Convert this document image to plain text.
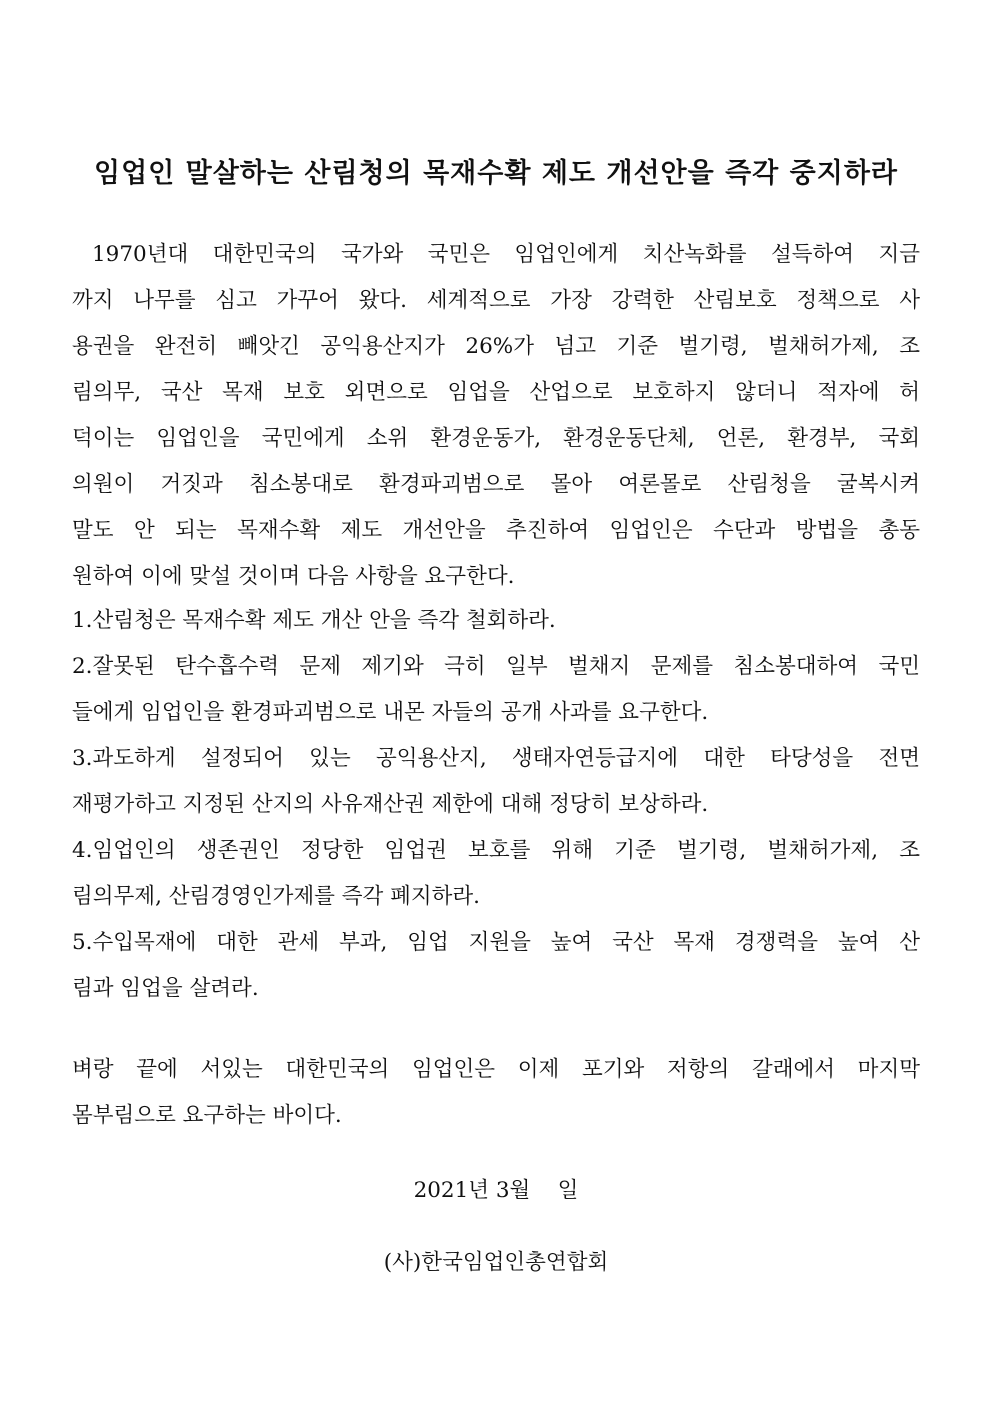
임업인 말살하는 산림청의 목재수확 제도 개선안을 즉각 중지하라
1970년대 대한민국의 국가와 국민은 임업인에게 치산녹화를 설득하여 지금
까지 나무를 심고 가꾸어 왔다. 세계적으로 가장 강력한 산림보호 정책으로 사
용권을 완전히 빼앗긴 공익용산지가 26%가 넘고 기준 벌기령, 벌채허가제, 조
림의무, 국산 목재 보호 외면으로 임업을 산업으로 보호하지 않더니 적자에 허
덕이는 임업인을 국민에게 소위 환경운동가, 환경운동단체, 언론, 환경부, 국회
의원이 거짓과 침소봉대로 환경파괴범으로 몰아 여론몰로 산림청을 굴복시켜
말도 안 되는 목재수확 제도 개선안을 추진하여 임업인은 수단과 방법을 총동
원하여 이에 맞설 것이며 다음 사항을 요구한다.
1.산림청은 목재수확 제도 개산 안을 즉각 철회하라.
2.잘못된 탄수흡수력 문제 제기와 극히 일부 벌채지 문제를 침소봉대하여 국민
들에게 임업인을 환경파괴범으로 내몬 자들의 공개 사과를 요구한다.
3.과도하게 설정되어 있는 공익용산지, 생태자연등급지에 대한 타당성을 전면
재평가하고 지정된 산지의 사유재산권 제한에 대해 정당히 보상하라.
4.임업인의 생존권인 정당한 임업권 보호를 위해 기준 벌기령, 벌채허가제, 조
림의무제, 산림경영인가제를 즉각 폐지하라.
5.수입목재에 대한 관세 부과, 임업 지원을 높여 국산 목재 경쟁력을 높여 산
림과 임업을 살려라.
벼랑 끝에 서있는 대한민국의 임업인은 이제 포기와 저항의 갈래에서 마지막
몸부림으로 요구하는 바이다.
2021년 3월    일
(사)한국임업인총연합회
